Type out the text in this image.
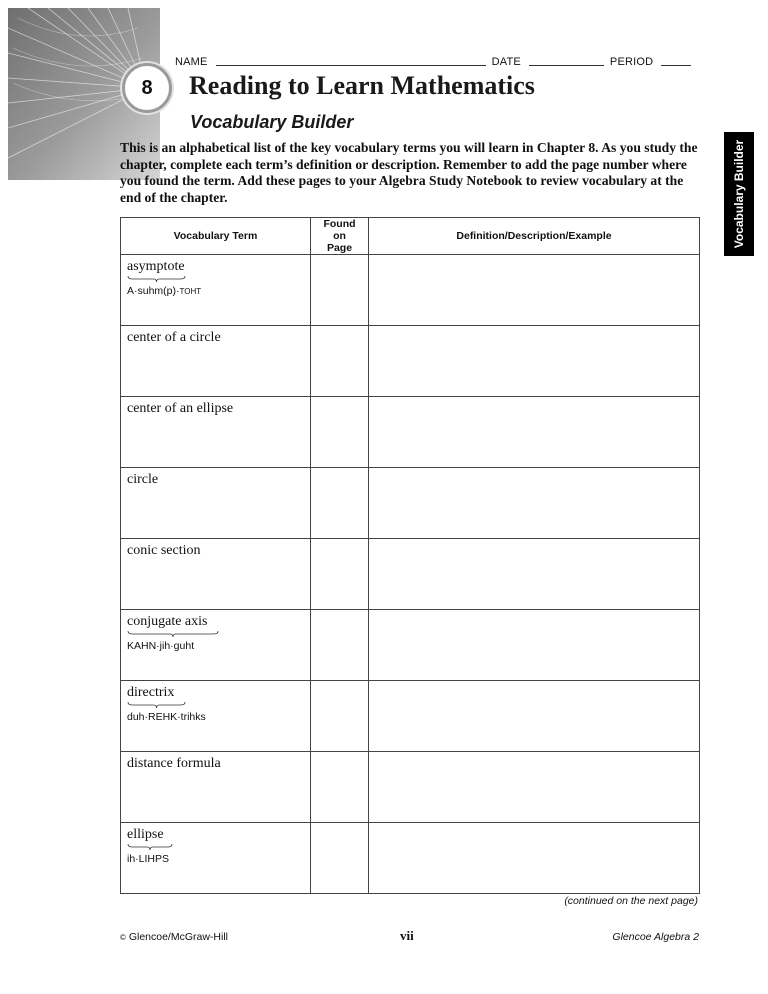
8
NAME	DATE	PERIOD
Reading to Learn Mathematics
Vocabulary Builder
Vocabulary Builder
This is an alphabetical list of the key vocabulary terms you will learn in Chapter 8. As you study the chapter, complete each term’s definition or description. Remember to add the page number where you found the term. Add these pages to your Algebra Study Notebook to review vocabulary at the end of the chapter.
Vocabulary Term	Found on Page	Definition/Description/Example

asymptote
A·suhm(p)·TOHT		

center of a circle		

center of an ellipse		

circle		

conic section		

conjugate axis
KAHN·jih·guht		

directrix
duh·REHK·trihks		

distance formula		

ellipse
ih·LIHPS		

(continued on the next page)
© Glencoe/McGraw-Hill	vii	Glencoe Algebra 2
